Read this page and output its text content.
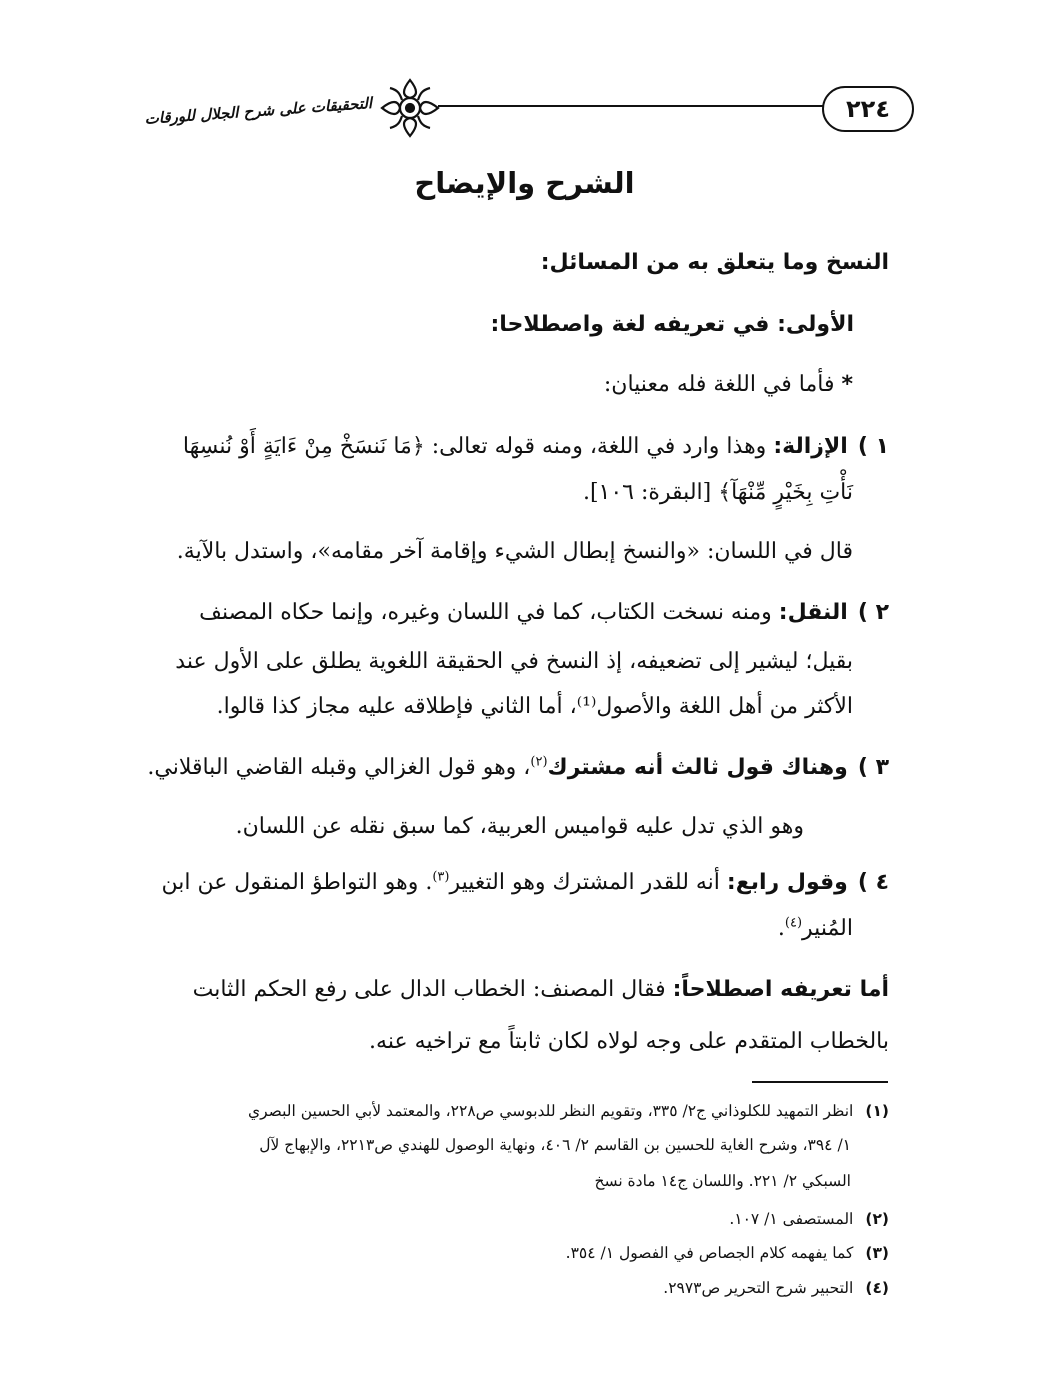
٢٢٤
التحقيقات على شرح الجلال للورقات
الشرح والإيضاح
النسخ وما يتعلق به من المسائل:
الأولى: في تعريفه لغة واصطلاحا:
* فأما في اللغة فله معنيان:
١ )الإزالة: وهذا وارد في اللغة، ومنه قوله تعالى: ﴿مَا نَنسَخْ مِنْ ءَايَةٍ أَوْ نُنسِهَا
نَأْتِ بِخَيْرٍ مِّنْهَآ﴾ [البقرة: ١٠٦].
قال في اللسان: «والنسخ إبطال الشيء وإقامة آخر مقامه»، واستدل بالآية.
٢ )النقل: ومنه نسخت الكتاب، كما في اللسان وغيره، وإنما حكاه المصنف
بقيل؛ ليشير إلى تضعيفه، إذ النسخ في الحقيقة اللغوية يطلق على الأول عند
الأكثر من أهل اللغة والأصول⁽¹⁾، أما الثاني فإطلاقه عليه مجاز كذا قالوا.
٣ )وهناك قول ثالث أنه مشترك$^{(٢)}$، وهو قول الغزالي وقبله القاضي الباقلاني.
وهو الذي تدل عليه قواميس العربية، كما سبق نقله عن اللسان.
٤ )وقول رابع: أنه للقدر المشترك وهو التغيير$^{(٣)}$. وهو التواطؤ المنقول عن ابن
المُنير$^{(٤)}$.
أما تعريفه اصطلاحاً: فقال المصنف: الخطاب الدال على رفع الحكم الثابت
بالخطاب المتقدم على وجه لولاه لكان ثابتاً مع تراخيه عنه.
(١)انظر التمهيد للكلوذاني ج٢/ ٣٣٥، وتقويم النظر للدبوسي ص٢٢٨، والمعتمد لأبي الحسين البصري
١/ ٣٩٤، وشرح الغاية للحسين بن القاسم ٢/ ٤٠٦، ونهاية الوصول للهندي ص٢٢١٣، والإبهاج لآل
السبكي ٢/ ٢٢١. واللسان ج١٤ مادة نسخ
(٢)المستصفى ١/ ١٠٧.
(٣)كما يفهمه كلام الجصاص في الفصول ١/ ٣٥٤.
(٤)التحبير شرح التحرير ص٢٩٧٣.
